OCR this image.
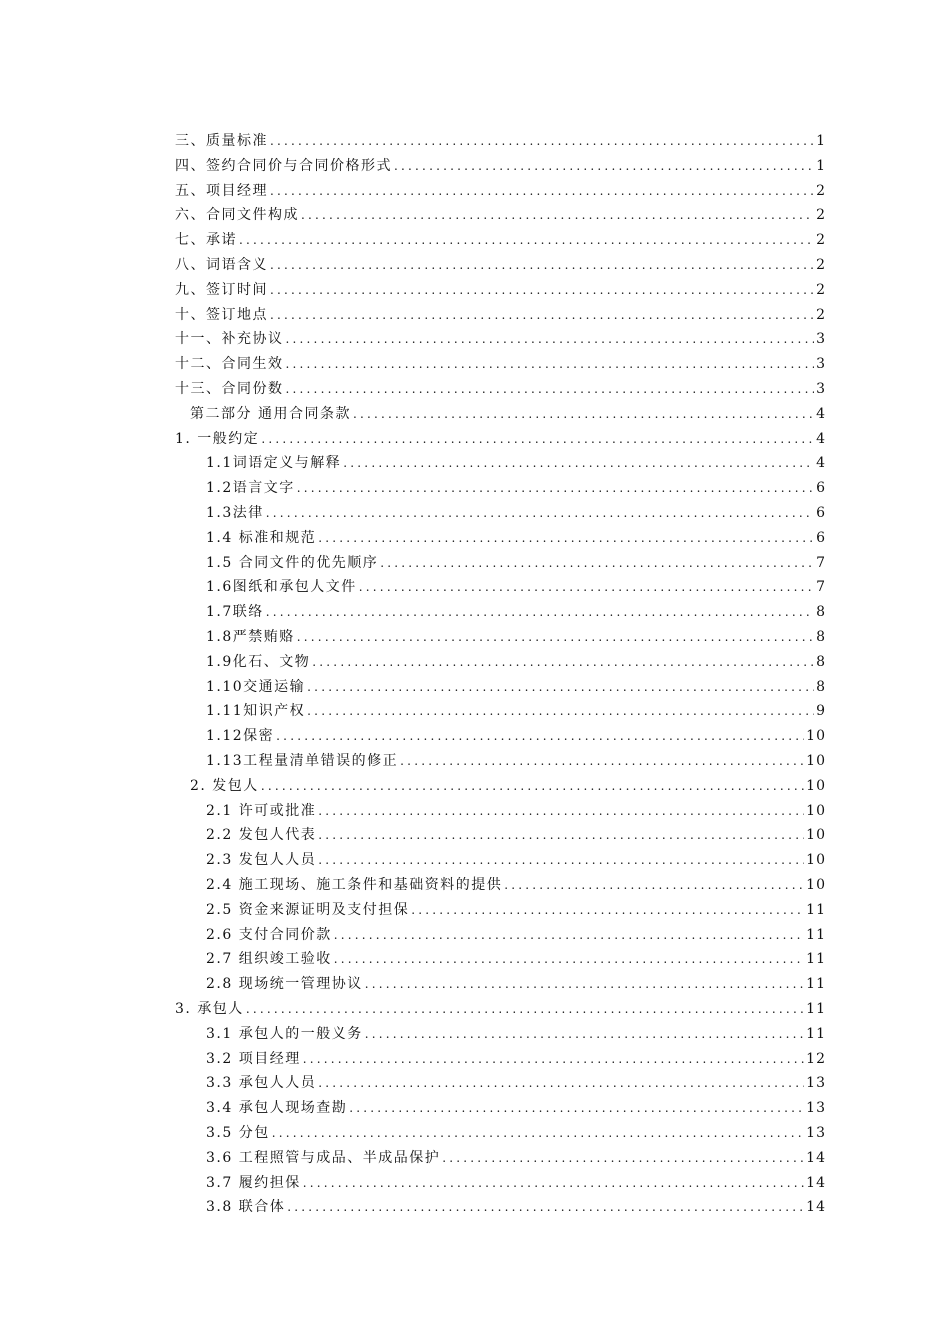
三、质量标准 .....	1
四、签约合同价与合同价格形式 .....	1
五、项目经理 .....	2
六、合同文件构成 .....	2
七、承诺 .....	2
八、词语含义 .....	2
九、签订时间 .....	2
十、签订地点 .....	2
十一、补充协议 .....	3
十二、合同生效 .....	3
十三、合同份数 .....	3
第二部分 通用合同条款 .....	4
1. 一般约定 .....	4
1.1词语定义与解释 .....	4
1.2语言文字 .....	6
1.3法律 .....	6
1.4 标准和规范 .....	6
1.5 合同文件的优先顺序 .....	7
1.6图纸和承包人文件 .....	7
1.7联络 .....	8
1.8严禁贿赂 .....	8
1.9化石、文物 .....	8
1.10交通运输 .....	8
1.11知识产权 .....	9
1.12保密 .....	10
1.13工程量清单错误的修正 .....	10
2. 发包人 .....	10
2.1 许可或批准 .....	10
2.2 发包人代表 .....	10
2.3 发包人人员 .....	10
2.4 施工现场、施工条件和基础资料的提供 .....	10
2.5 资金来源证明及支付担保 .....	11
2.6 支付合同价款 .....	11
2.7 组织竣工验收 .....	11
2.8 现场统一管理协议 .....	11
3. 承包人 .....	11
3.1 承包人的一般义务 .....	11
3.2 项目经理 .....	12
3.3 承包人人员 .....	13
3.4 承包人现场查勘 .....	13
3.5 分包 .....	13
3.6 工程照管与成品、半成品保护 .....	14
3.7 履约担保 .....	14
3.8 联合体 .....	14
